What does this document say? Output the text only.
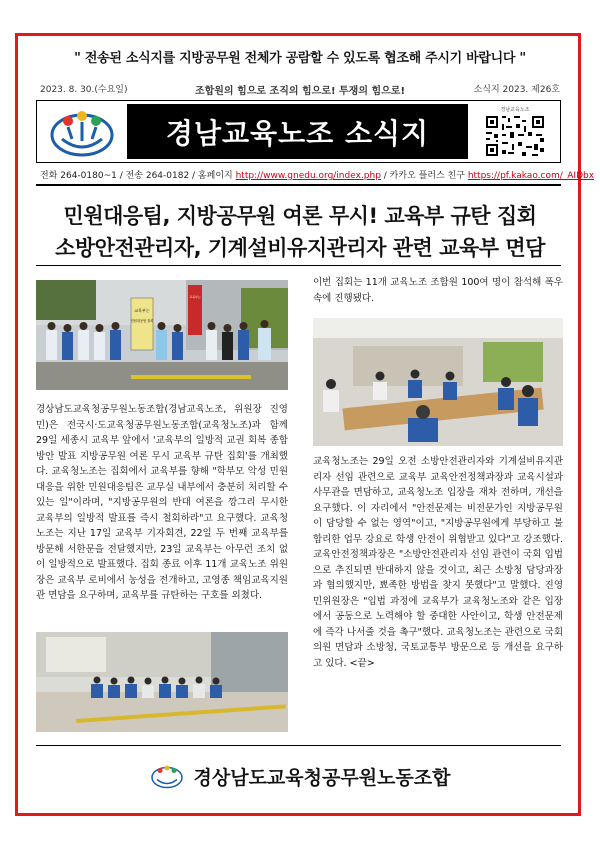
" 전송된 소식지를 지방공무원 전체가 공람할 수 있도록 협조해 주시기 바랍니다 "
2023. 8. 30.(수요일)	조합원의 힘으로 조직의 힘으로! 투쟁의 힘으로!	소식지 2023. 제26호
경남교육노조 소식지
경남교육노조
전화 264-0180~1 / 전송 264-0182 / 홈페이지 http://www.gnedu.org/index.php / 카카오 플러스 친구 https://pf.kakao.com/_AIDbx
민원대응팀, 지방공무원 여론 무시! 교육부 규탄 집회
소방안전관리자, 기계설비유지관리자 관련 교육부 면담
교육부는
민원대응팀 철회
교육부는
경상남도교육청공무원노동조합(경남교육노조, 위원장 진영민)은 전국시·도교육청공무원노동조합(교육청노조)과 함께 29일 세종시 교육부 앞에서 '교육부의 일방적 교권 회복 종합방안 발표 지방공무원 여론 무시 교육부 규탄 집회'를 개최했다. 교육청노조는 집회에서 교육부를 향해 "학부모 악성 민원 대응을 위한 민원대응팀은 교무실 내부에서 충분히 처리할 수 있는 일"이라며, "지방공무원의 반대 여론을 깡그리 무시한 교육부의 일방적 발표를 즉시 철회하라"고 요구했다. 교육청노조는 지난 17일 교육부 기자회견, 22일 두 번째 교육부를 방문해 서한문을 전달했지만, 23일 교육부는 아무런 조치 없이 일방적으로 발표했다. 집회 종료 이후 11개 교육노조 위원장은 교육부 로비에서 농성을 전개하고, 고영종 책임교육지원관 면담을 요구하며, 교육부를 규탄하는 구호를 외쳤다.
이번 집회는 11개 교육노조 조합원 100여 명이 참석해 폭우 속에 진행됐다.
교육청노조는 29일 오전 소방안전관리자와 기계설비유지관리자 선임 관련으로 교육부 교육안전정책과장과 교육시설과 사무관을 면담하고, 교육청노조 입장을 재차 전하며, 개선을 요구했다. 이 자리에서 "안전문제는 비전문가인 지방공무원이 담당할 수 없는 영역"이고, "지방공무원에게 부당하고 불합리한 업무 강요로 학생 안전이 위협받고 있다"고 강조했다. 교육안전정책과장은 "소방안전관리자 선임 관련이 국회 입법으로 추진되면 반대하지 않을 것이고, 최근 소방청 담당과장과 협의했지만, 뾰족한 방법을 찾지 못했다"고 말했다. 진영민위원장은 "입법 과정에 교육부가 교육청노조와 같은 입장에서 공동으로 노력해야 할 중대한 사안이고, 학생 안전문제에 즉각 나서줄 것을 촉구"했다. 교육청노조는 관련으로 국회의원 면담과 소방청, 국토교통부 방문으로 등 개선을 요구하고 있다. <끝>
경상남도교육청공무원노동조합
